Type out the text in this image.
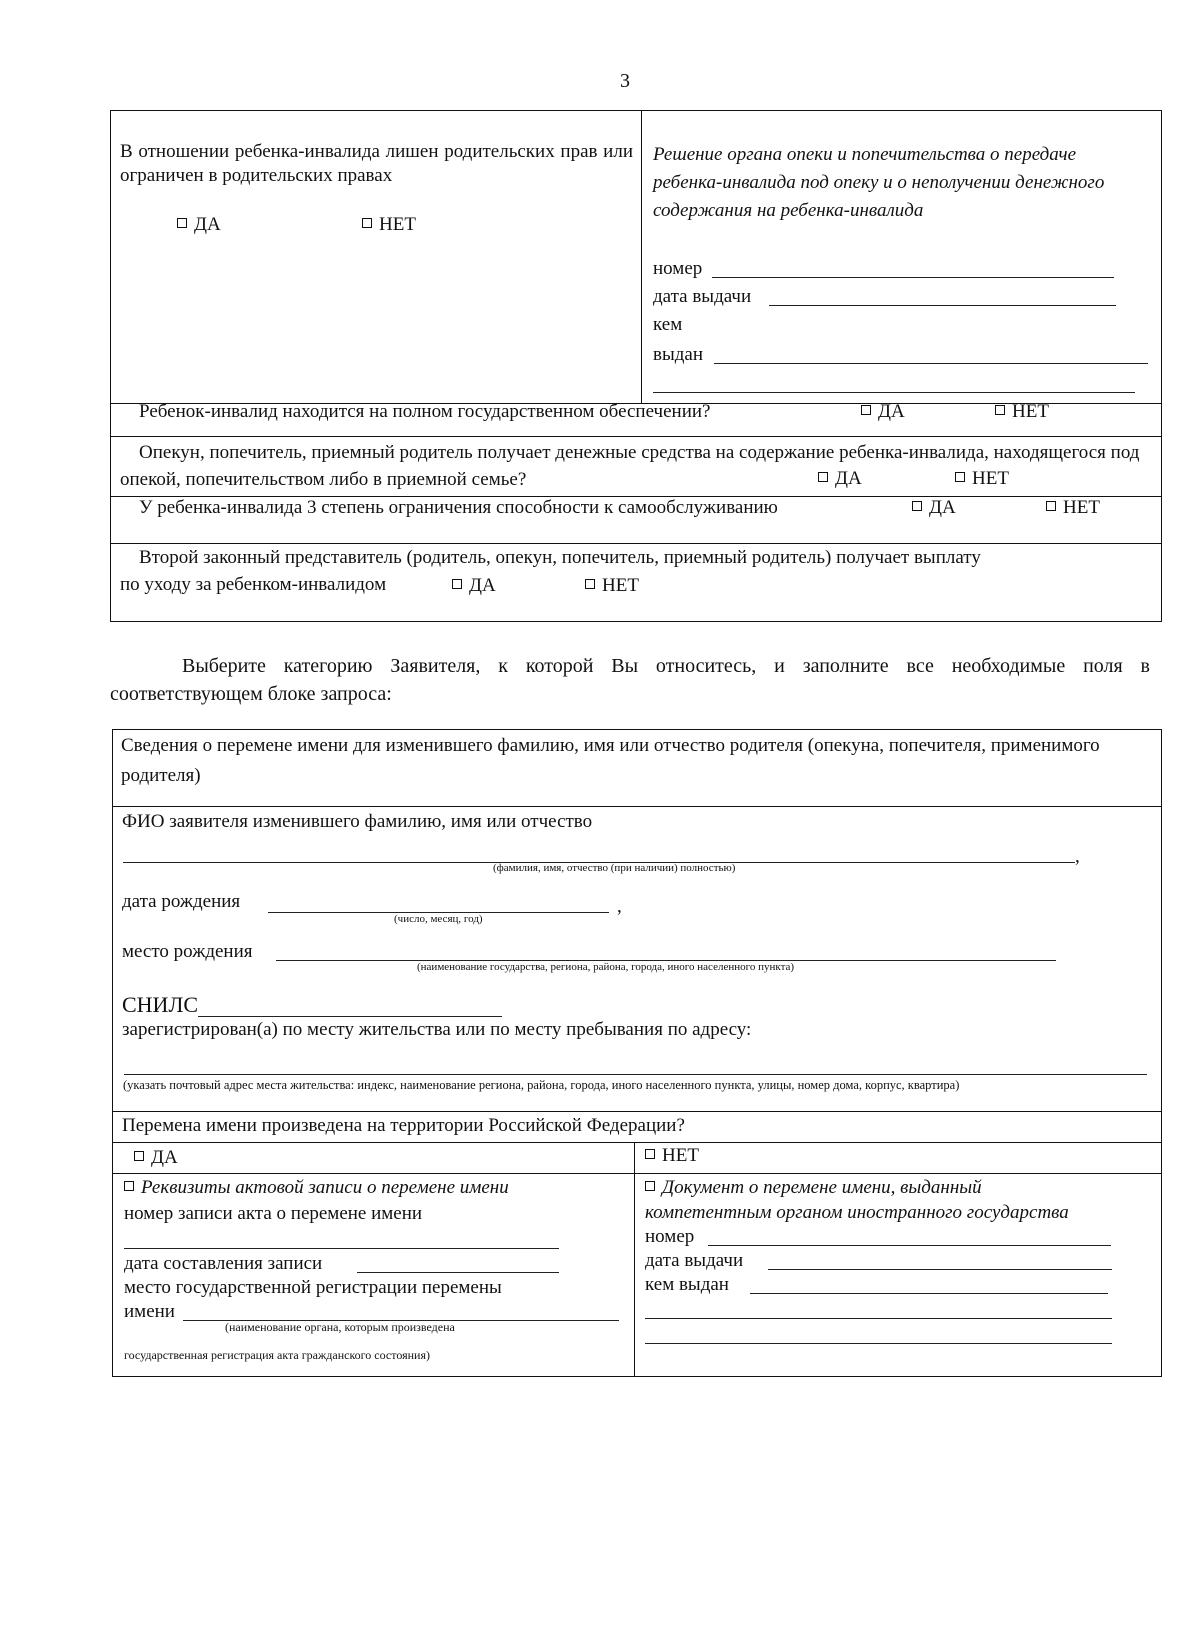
3
В отношении ребенка-инвалида лишен родительских прав или ограничен в родительских правах
ДА	НЕТ
Решение органа опеки и попечительства о передаче ребенка-инвалида под опеку и о неполучении денежного содержания на ребенка-инвалида
номер
дата выдачи
кем
выдан
Ребенок-инвалид находится на полном государственном обеспечении?	ДА	НЕТ
Опекун, попечитель, приемный родитель получает денежные средства на содержание ребенка-инвалида, находящегося под опекой, попечительством либо в приемной семье?	ДА	НЕТ
У ребенка-инвалида 3 степень ограничения способности к самообслуживанию	ДА	НЕТ
Второй законный представитель (родитель, опекун, попечитель, приемный родитель) получает выплату по уходу за ребенком-инвалидом	ДА	НЕТ
Выберите категорию Заявителя, к которой Вы относитесь, и заполните все необходимые поля в соответствующем блоке запроса:
Сведения о перемене имени для изменившего фамилию, имя или отчество родителя (опекуна, попечителя, применимого родителя)
ФИО заявителя изменившего фамилию, имя или отчество
,
(фамилия, имя, отчество (при наличии) полностью)
дата рождения	,
(число, месяц, год)
место рождения
(наименование государства, региона, района, города, иного населенного пункта)
СНИЛС
зарегистрирован(а) по месту жительства или по месту пребывания по адресу:
(указать почтовый адрес места жительства: индекс, наименование региона, района, города, иного населенного пункта, улицы, номер дома, корпус, квартира)
Перемена имени произведена на территории Российской Федерации?
ДА	НЕТ
Реквизиты актовой записи о перемене имени
номер записи акта о перемене имени
дата составления записи
место государственной регистрации перемены
имени
(наименование органа, которым произведена
государственная регистрация акта гражданского состояния)
Документ о перемене имени, выданный
компетентным органом иностранного государства
номер
дата выдачи
кем выдан
